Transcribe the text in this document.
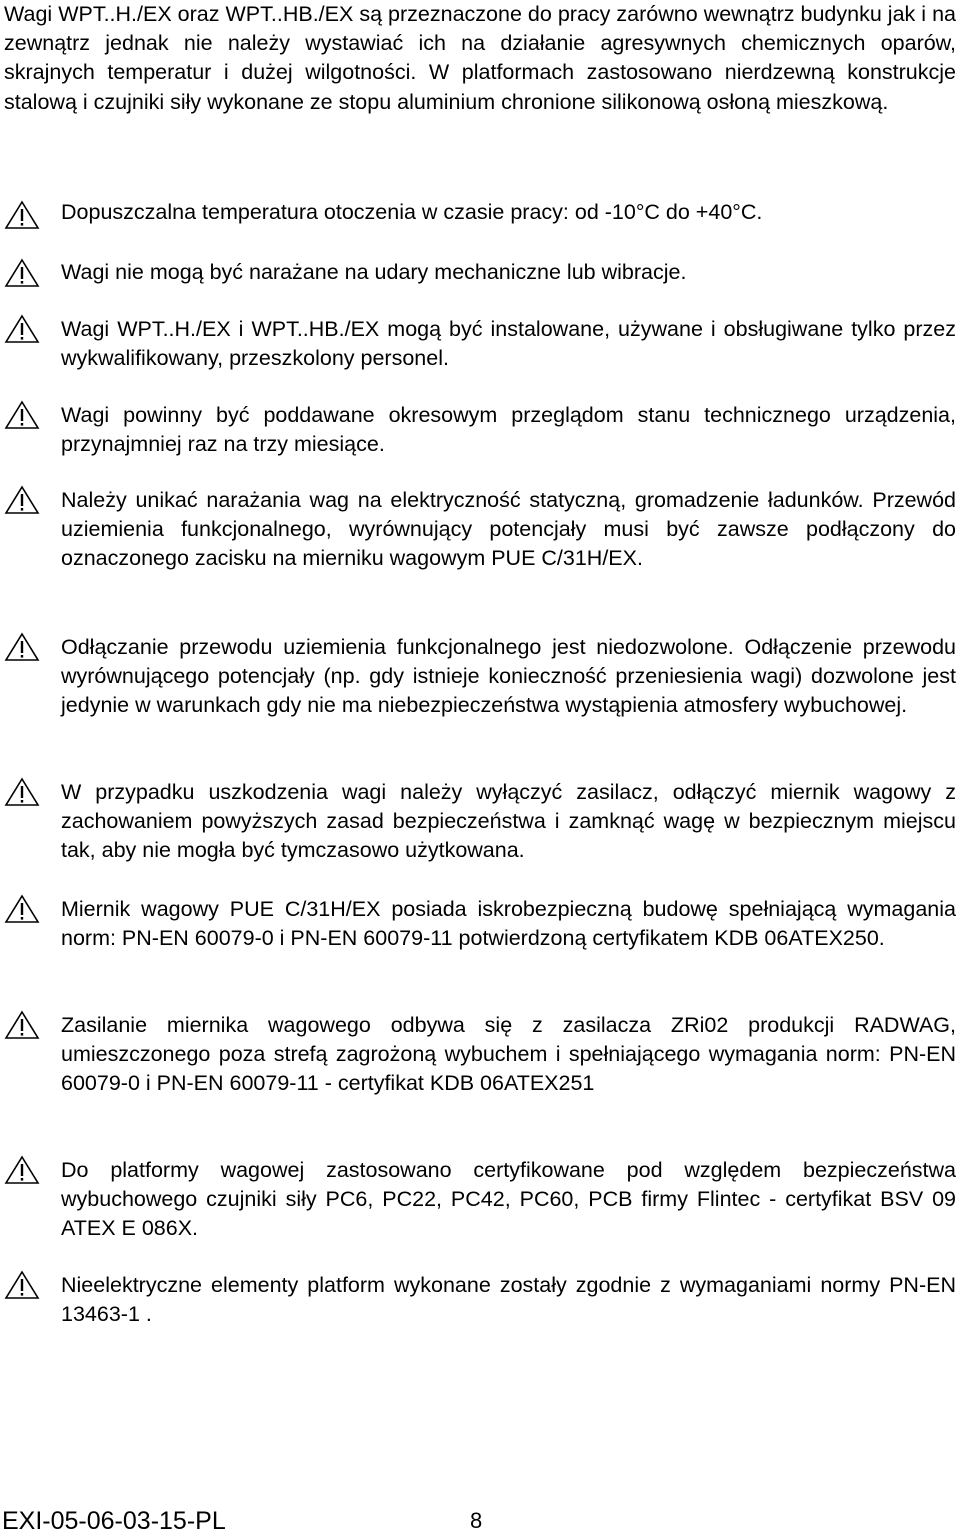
Wagi WPT..H./EX oraz WPT..HB./EX są przeznaczone do pracy zarówno wewnątrz budynku jak i na zewnątrz jednak nie należy wystawiać ich na działanie agresywnych chemicznych oparów, skrajnych temperatur i dużej wilgotności. W platformach zastosowano nierdzewną konstrukcje stalową i czujniki siły wykonane ze stopu aluminium chronione silikonową osłoną mieszkową.

Dopuszczalna temperatura otoczenia w czasie pracy: od -10°C do +40°C.

Wagi nie mogą być narażane na udary mechaniczne lub wibracje.

Wagi WPT..H./EX i WPT..HB./EX mogą być instalowane, używane i obsługiwane tylko przez wykwalifikowany, przeszkolony personel.

Wagi powinny być poddawane okresowym przeglądom stanu technicznego urządzenia, przynajmniej raz na trzy miesiące.

Należy unikać narażania wag na elektryczność statyczną, gromadzenie ładunków. Przewód uziemienia funkcjonalnego, wyrównujący potencjały musi być zawsze podłączony do oznaczonego zacisku na mierniku wagowym PUE C/31H/EX.

Odłączanie przewodu uziemienia funkcjonalnego jest niedozwolone. Odłączenie przewodu wyrównującego potencjały (np. gdy istnieje konieczność przeniesienia wagi) dozwolone jest jedynie w warunkach gdy nie ma niebezpieczeństwa wystąpienia atmosfery wybuchowej.

W przypadku uszkodzenia wagi należy wyłączyć zasilacz, odłączyć miernik wagowy z zachowaniem powyższych zasad bezpieczeństwa i zamknąć wagę w bezpiecznym miejscu tak, aby nie mogła być tymczasowo użytkowana.

Miernik wagowy PUE C/31H/EX posiada iskrobezpieczną budowę spełniającą wymagania norm: PN-EN 60079-0 i PN-EN 60079-11 potwierdzoną certyfikatem KDB 06ATEX250.

Zasilanie miernika wagowego odbywa się z zasilacza ZRi02 produkcji RADWAG, umieszczonego poza strefą zagrożoną wybuchem i spełniającego wymagania norm: PN-EN 60079-0 i PN-EN 60079-11 - certyfikat KDB 06ATEX251

Do platformy wagowej zastosowano certyfikowane pod względem bezpieczeństwa wybuchowego czujniki siły PC6, PC22, PC42, PC60, PCB firmy Flintec - certyfikat BSV 09 ATEX E 086X.

Nieelektryczne elementy platform wykonane zostały zgodnie z wymaganiami normy PN-EN 13463-1 .

EXI-05-06-03-15-PL	8
